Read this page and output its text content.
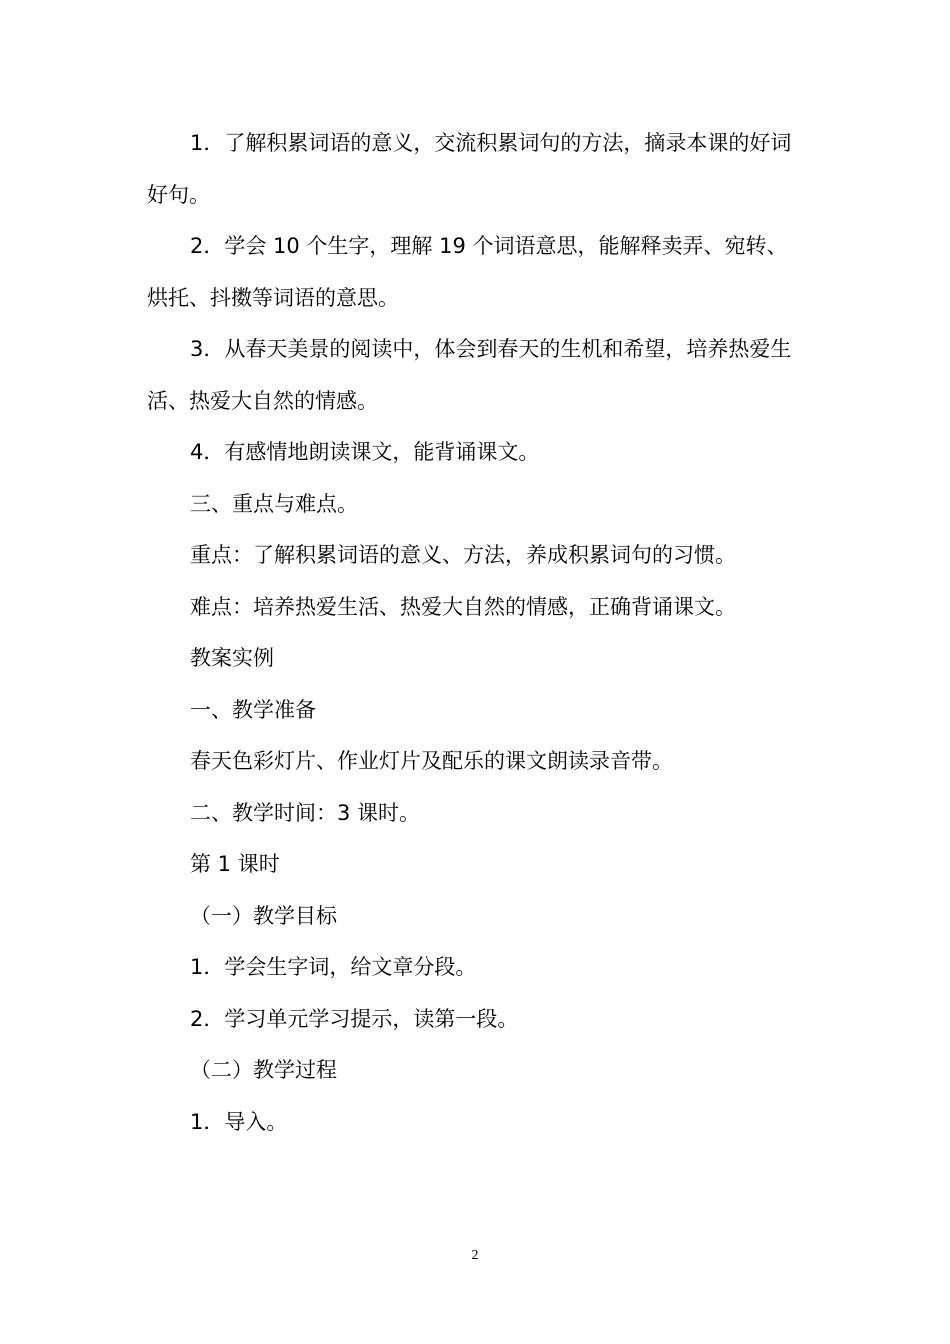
1．了解积累词语的意义，交流积累词句的方法，摘录本课的好词好句。

2．学会 10 个生字，理解 19 个词语意思，能解释卖弄、宛转、烘托、抖擞等词语的意思。

3．从春天美景的阅读中，体会到春天的生机和希望，培养热爱生活、热爱大自然的情感。

4．有感情地朗读课文，能背诵课文。

三、重点与难点。

重点：了解积累词语的意义、方法，养成积累词句的习惯。

难点：培养热爱生活、热爱大自然的情感，正确背诵课文。

教案实例

一、教学准备

春天色彩灯片、作业灯片及配乐的课文朗读录音带。

二、教学时间：3 课时。

第 1 课时

（一）教学目标

1．学会生字词，给文章分段。

2．学习单元学习提示，读第一段。

（二）教学过程

1．导入。

2
